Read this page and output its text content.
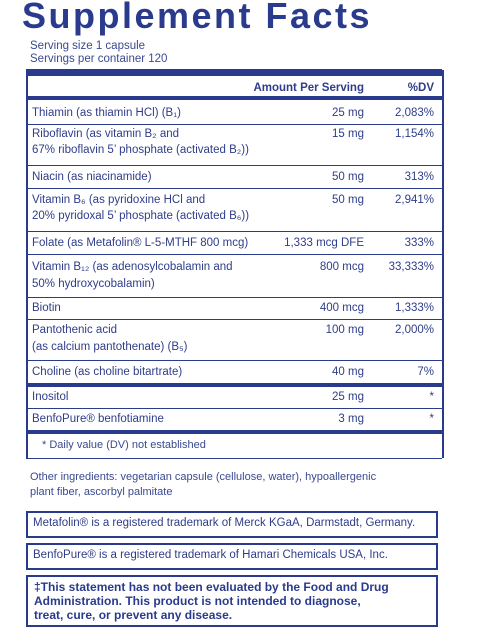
Supplement Facts
Serving size 1 capsule
Servings per container 120
Amount Per Serving	%DV
Thiamin (as thiamin HCl) (B₁)	25 mg	2,083%
Riboflavin (as vitamin B₂ and
67% riboflavin 5’ phosphate (activated B₂))
15 mg	1,154%
Niacin (as niacinamide)	50 mg	313%
Vitamin B₆ (as pyridoxine HCl and
20% pyridoxal 5’ phosphate (activated B₆))
50 mg	2,941%
Folate (as Metafolin® L-5-MTHF 800 mcg)	1,333 mcg DFE	333%
Vitamin B₁₂ (as adenosylcobalamin and
50% hydroxycobalamin)
800 mcg 33,333%
Biotin	400 mcg	1,333%
Pantothenic acid
(as calcium pantothenate) (B₅)
100 mg	2,000%
Choline (as choline bitartrate)	40 mg	7%
Inositol	25 mg	*
BenfoPure® benfotiamine	3 mg	*
* Daily value (DV) not established
Other ingredients: vegetarian capsule (cellulose, water), hypoallergenic
plant fiber, ascorbyl palmitate
Metafolin® is a registered trademark of Merck KGaA, Darmstadt, Germany.
BenfoPure® is a registered trademark of Hamari Chemicals USA, Inc.
‡This statement has not been evaluated by the Food and Drug
Administration. This product is not intended to diagnose,
treat, cure, or prevent any disease.
